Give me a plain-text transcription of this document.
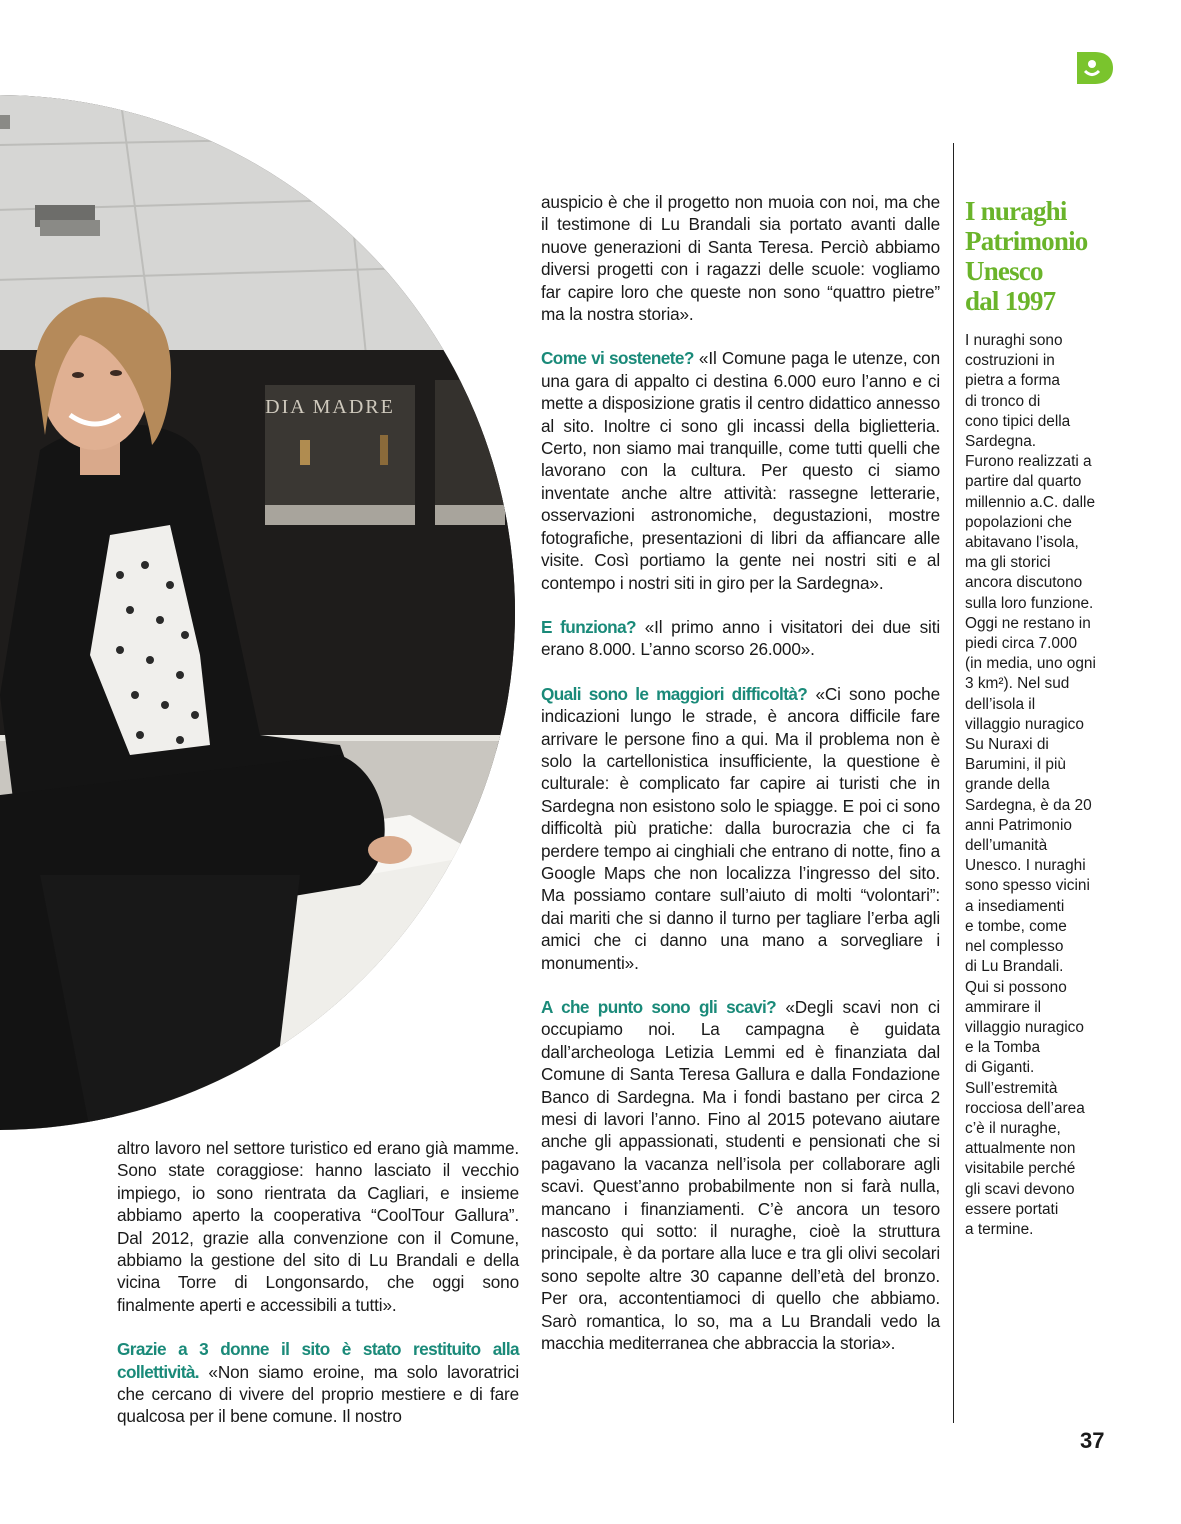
DIA MADRE

auspicio è che il progetto non muoia con noi, ma che il testimone di Lu Brandali sia portato avanti dalle nuove generazioni di Santa Teresa. Perciò abbiamo diversi progetti con i ragazzi delle scuole: vogliamo far capire loro che queste non sono “quattro pietre” ma la nostra storia».

Come vi sostenete? «Il Comune paga le utenze, con una gara di appalto ci destina 6.000 euro l’anno e ci mette a disposizione gratis il centro didattico annesso al sito. Inoltre ci sono gli incassi della biglietteria. Certo, non siamo mai tranquille, come tutti quelli che lavorano con la cultura. Per questo ci siamo inventate anche altre attività: rassegne letterarie, osservazioni astronomiche, degustazioni, mostre fotografiche, presentazioni di libri da affiancare alle visite. Così portiamo la gente nei nostri siti e al contempo i nostri siti in giro per la Sardegna».

E funziona? «Il primo anno i visitatori dei due siti erano 8.000. L’anno scorso 26.000».

Quali sono le maggiori difficoltà? «Ci sono poche indicazioni lungo le strade, è ancora difficile fare arrivare le persone fino a qui. Ma il problema non è solo la cartellonistica insufficiente, la questione è culturale: è complicato far capire ai turisti che in Sardegna non esistono solo le spiagge. E poi ci sono difficoltà più pratiche: dalla burocrazia che ci fa perdere tempo ai cinghiali che entrano di notte, fino a Google Maps che non localizza l’ingresso del sito. Ma possiamo contare sull’aiuto di molti “volontari”: dai mariti che si danno il turno per tagliare l’erba agli amici che ci danno una mano a sorvegliare i monumenti».

A che punto sono gli scavi? «Degli scavi non ci occupiamo noi. La campagna è guidata dall’archeologa Letizia Lemmi ed è finanziata dal Comune di Santa Teresa Gallura e dalla Fondazione Banco di Sardegna. Ma i fondi bastano per circa 2 mesi di lavori l’anno. Fino al 2015 potevano aiutare anche gli appassionati, studenti e pensionati che si pagavano la vacanza nell’isola per collaborare agli scavi. Quest’anno probabilmente non si farà nulla, mancano i finanziamenti. C’è ancora un tesoro nascosto qui sotto: il nuraghe, cioè la struttura principale, è da portare alla luce e tra gli olivi secolari sono sepolte altre 30 capanne dell’età del bronzo. Per ora, accontentiamoci di quello che abbiamo. Sarò romantica, lo so, ma a Lu Brandali vedo la macchia mediterranea che abbraccia la storia».

altro lavoro nel settore turistico ed erano già mamme. Sono state coraggiose: hanno lasciato il vecchio impiego, io sono rientrata da Cagliari, e insieme abbiamo aperto la cooperativa “CoolTour Gallura”. Dal 2012, grazie alla convenzione con il Comune, abbiamo la gestione del sito di Lu Brandali e della vicina Torre di Longonsardo, che oggi sono finalmente aperti e accessibili a tutti».

Grazie a 3 donne il sito è stato restituito alla collettività. «Non siamo eroine, ma solo lavoratrici che cercano di vivere del proprio mestiere e di fare qualcosa per il bene comune. Il nostro

I nuraghi
Patrimonio
Unesco
dal 1997
I nuraghi sono
costruzioni in
pietra a forma
di tronco di
cono tipici della
Sardegna.
Furono realizzati a
partire dal quarto
millennio a.C. dalle
popolazioni che
abitavano l’isola,
ma gli storici
ancora discutono
sulla loro funzione.
Oggi ne restano in
piedi circa 7.000
(in media, uno ogni
3 km²). Nel sud
dell’isola il
villaggio nuragico
Su Nuraxi di
Barumini, il più
grande della
Sardegna, è da 20
anni Patrimonio
dell’umanità
Unesco. I nuraghi
sono spesso vicini
a insediamenti
e tombe, come
nel complesso
di Lu Brandali.
Qui si possono
ammirare il
villaggio nuragico
e la Tomba
di Giganti.
Sull’estremità
rocciosa dell’area
c’è il nuraghe,
attualmente non
visitabile perché
gli scavi devono
essere portati
a termine.
37
